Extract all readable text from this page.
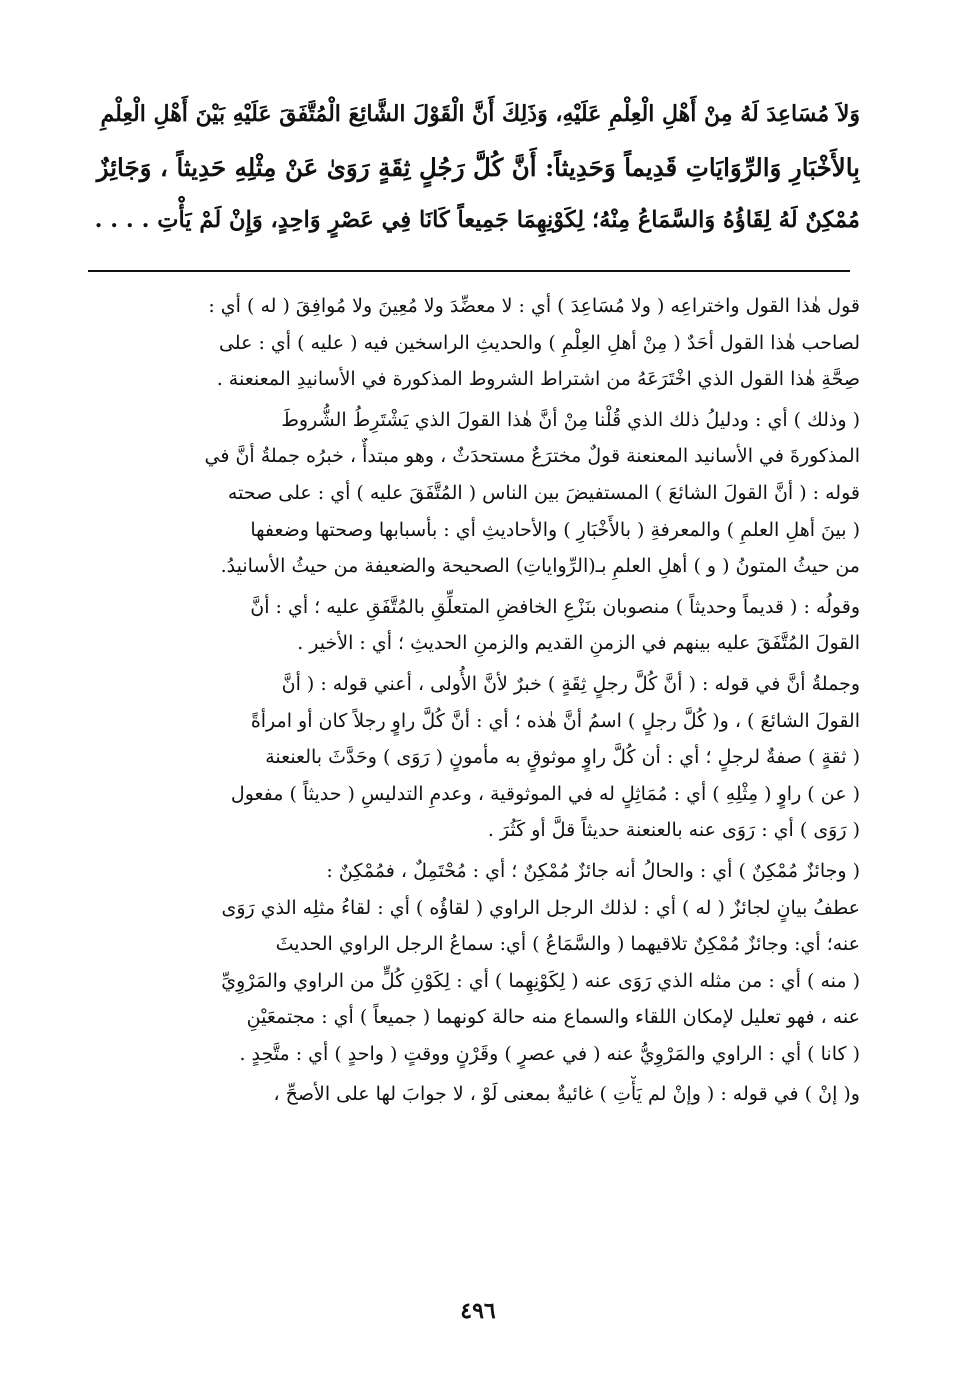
وَلاَ مُسَاعِدَ لَهُ مِنْ أَهْلِ الْعِلْمِ عَلَيْهِ، وَذَلِكَ أَنَّ الْقَوْلَ الشَّائِعَ الْمُتَّفَقَ عَلَيْهِ بَيْنَ أَهْلِ الْعِلْمِ

بِالأَخْبَارِ وَالرِّوَايَاتِ قَدِيماً وَحَدِيثاً: أَنَّ كُلَّ رَجُلٍ ثِقَةٍ رَوَىٰ عَنْ مِثْلِهِ حَدِيثاً ، وَجَائِزٌ

مُمْكِنٌ لَهُ لِقَاؤُهُ وَالسَّمَاعُ مِنْهُ؛ لِكَوْنِهِمَا جَمِيعاً كَانَا فِي عَصْرٍ وَاحِدٍ، وَإِنْ لَمْ يَأْتِ . . . .

قول هٰذا القول واختراعِه ( ولا مُسَاعِدَ ) أي : لا معضِّدَ ولا مُعِينَ ولا مُوافِقَ ( له ) أي :

لصاحب هٰذا القول أحَدٌ ( مِنْ أهلِ العِلْمِ ) والحديثِ الراسخين فيه ( عليه ) أي : على

صِحَّةِ هٰذا القول الذي اخْتَرَعَهُ من اشتراط الشروط المذكورة في الأسانيدِ المعنعنة .

( وذلك ) أي : ودليلُ ذلك الذي قُلْنا مِنْ أنَّ هٰذا القولَ الذي يَشْتَرِطُ الشُّروطَ

المذكورةَ في الأسانيد المعنعنة قولٌ مخترَعٌ مستحدَثٌ ، وهو مبتدأٌ ، خبرُه جملةُ أنَّ في

قوله : ( أنَّ القولَ الشائعَ ) المستفيضَ بين الناس ( المُتَّفَقَ عليه ) أي : على صحته

( بينَ أهلِ العلمِ ) والمعرفةِ ( بالأَخْبَارِ ) والأحاديثِ أي : بأسبابها وصحتها وضعفها

من حيثُ المتونُ ( و ) أهلِ العلمِ بـ(الرِّواياتِ) الصحيحة والضعيفة من حيثُ الأسانيدُ.

وقولُه : ( قديماً وحديثاً ) منصوبان بنَزْعِ الخافضِ المتعلِّقِ بالمُتَّفَقِ عليه ؛ أي : أنَّ

القولَ المُتَّفَقَ عليه بينهم في الزمنِ القديم والزمنِ الحديثِ ؛ أي : الأخير .

وجملةُ أنَّ في قوله : ( أنَّ كُلَّ رجلٍ ثِقَةٍ ) خبرٌ لأنَّ الأُولى ، أعني قوله : ( أنَّ

القولَ الشائعَ ) ، و( كُلَّ رجلٍ ) اسمُ أنَّ هٰذه ؛ أي : أنَّ كُلَّ راوٍ رجلاً كان أو امرأةً

( ثقةٍ ) صفةٌ لرجلٍ ؛ أي : أن كُلَّ راوٍ موثوقٍ به مأمونٍ ( رَوَى ) وحَدَّثَ بالعنعنة

( عن ) راوٍ ( مِثْلِهِ ) أي : مُمَاثِلٍ له في الموثوقية ، وعدمِ التدليسِ ( حديثاً ) مفعول

( رَوَى ) أي : رَوَى عنه بالعنعنة حديثاً قلَّ أو كَثُرَ .

( وجائزٌ مُمْكِنٌ ) أي : والحالُ أنه جائزٌ مُمْكِنٌ ؛ أي : مُحْتَمِلٌ ، فمُمْكِنٌ :

عطفُ بيانٍ لجائزٌ ( له ) أي : لذلك الرجل الراوي ( لقاؤُه ) أي : لقاءُ مثلِه الذي رَوَى

عنه؛ أي: وجائزٌ مُمْكِنٌ تلاقيهما ( والسَّمَاعُ ) أي: سماعُ الرجل الراوي الحديثَ

( منه ) أي : من مثله الذي رَوَى عنه ( لِكَوْنِهِما ) أي : لِكَوْنِ كُلٍّ من الراوي والمَرْوِيِّ

عنه ، فهو تعليل لإمكان اللقاء والسماع منه حالة كونهما ( جميعاً ) أي : مجتمعَيْنِ

( كانا ) أي : الراوي والمَرْوِيُّ عنه ( في عصرٍ ) وقَرْنٍ ووقتٍ ( واحدٍ ) أي : متَّحِدٍ .

و( إنْ ) في قوله : ( وإنْ لم يَأْتِ ) غائيةٌ بمعنى لَوْ ، لا جوابَ لها على الأصحِّ ،

٤٩٦
